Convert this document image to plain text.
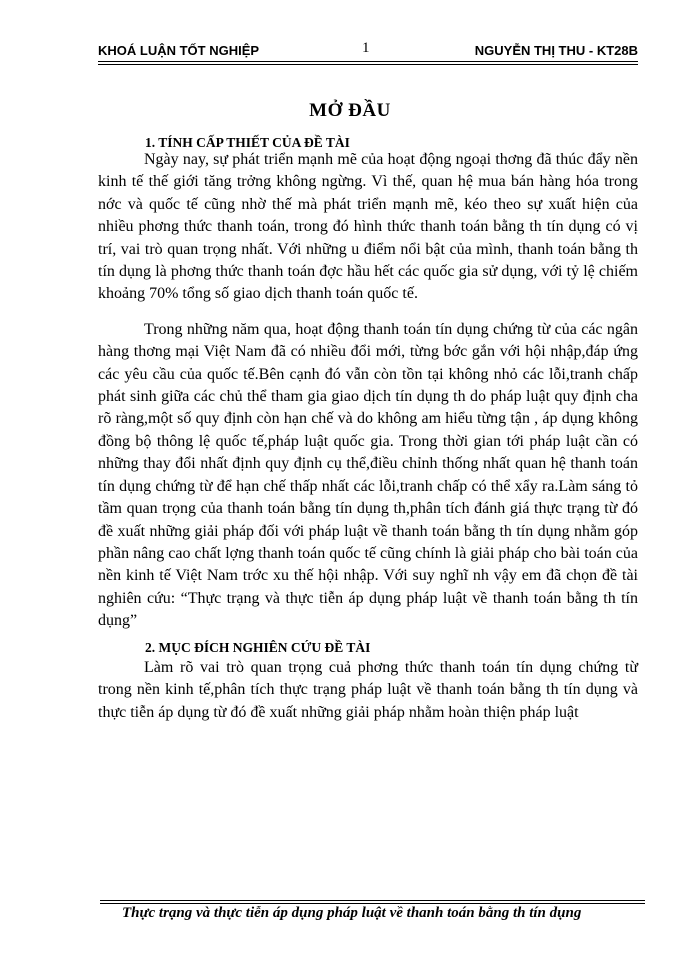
KHOÁ LUẬN TỐT NGHIỆP	1	NGUYỄN THỊ THU - KT28B
MỞ ĐẦU
1. TÍNH CẤP THIẾT CỦA ĐỀ TÀI

Ngày nay, sự phát triển mạnh mẽ của hoạt động ngoại thơng đã thúc đẩy nền kinh tế thế giới tăng trởng không ngừng. Vì thế, quan hệ mua bán hàng hóa trong nớc và quốc tế cũng nhờ thế mà phát triển mạnh mẽ, kéo theo sự xuất hiện của nhiều phơng thức thanh toán, trong đó hình thức thanh toán bằng th tín dụng có vị trí, vai trò quan trọng nhất. Với những u điểm nổi bật của mình, thanh toán bằng th tín dụng là phơng thức thanh toán đợc hầu hết các quốc gia sử dụng, với tỷ lệ chiếm khoảng 70% tổng số giao dịch thanh toán quốc tế.

Trong những năm qua, hoạt động thanh toán tín dụng chứng từ của các ngân hàng thơng mại Việt Nam đã có nhiều đổi mới, từng bớc gắn với hội nhập,đáp ứng các yêu cầu của quốc tế.Bên cạnh đó vẫn còn tồn tại không nhỏ các lỗi,tranh chấp phát sinh giữa các chủ thể tham gia giao dịch tín dụng th do pháp luật quy định cha rõ ràng,một số quy định còn hạn chế và do không am hiểu từng tận , áp dụng không đồng bộ thông lệ quốc tế,pháp luật quốc gia. Trong thời gian tới pháp luật cần có những thay đổi nhất định quy định cụ thể,điều chỉnh thống nhất quan hệ thanh toán tín dụng chứng từ để hạn chế thấp nhất các lỗi,tranh chấp có thể xẩy ra.Làm sáng tỏ tầm quan trọng của thanh toán bằng tín dụng th,phân tích đánh giá thực trạng từ đó đề xuất những giải pháp đối với pháp luật về thanh toán bằng th tín dụng nhằm góp phần nâng cao chất lợng thanh toán quốc tế cũng chính là giải pháp cho bài toán của nền kinh tế Việt Nam trớc xu thế hội nhập. Với suy nghĩ nh vậy em đã chọn đề tài nghiên cứu: “Thực trạng và thực tiễn áp dụng pháp luật về thanh toán bằng th tín dụng”

2. MỤC ĐÍCH NGHIÊN CỨU ĐỀ TÀI

Làm rõ vai trò quan trọng cuả phơng thức thanh toán tín dụng chứng từ trong nền kinh tế,phân tích thực trạng pháp luật về thanh toán bằng th tín dụng và thực tiễn áp dụng từ đó đề xuất những giải pháp nhằm hoàn thiện pháp luật

Thực trạng và thực tiễn áp dụng pháp luật về thanh toán bằng th tín dụng
